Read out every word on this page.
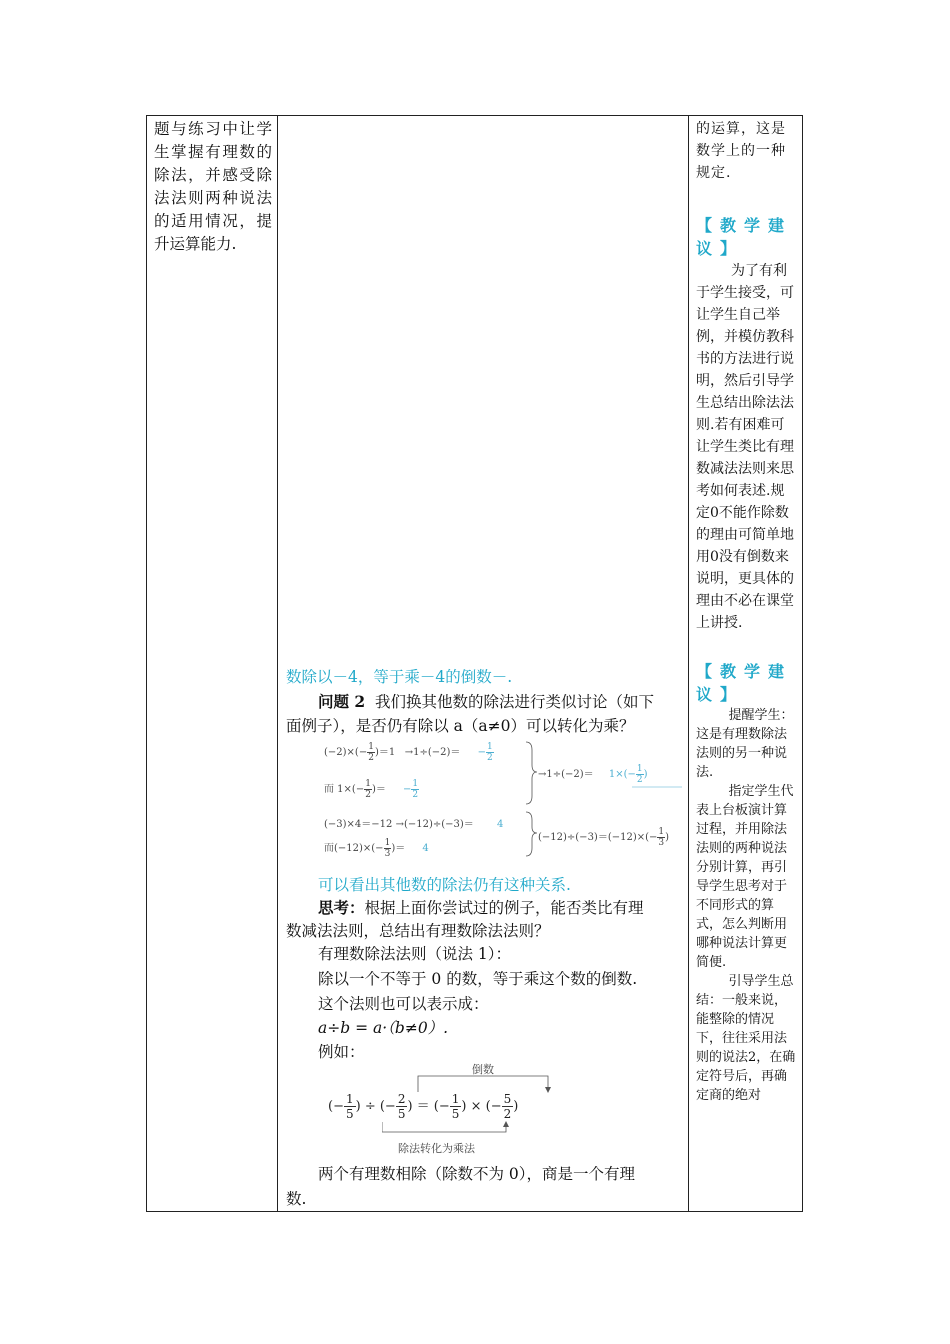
题与练习中让学生掌握有理数的除法，并感受除法法则两种说法的适用情况，提升运算能力.

的运算，这是数学上的一种规定.

【教学建议】

为了有利于学生接受，可让学生自己举例，并模仿教科书的方法进行说明，然后引导学生总结出除法法则.若有困难可让学生类比有理数减法法则来思考如何表述.规定0不能作除数的理由可简单地用0没有倒数来说明，更具体的理由不必在课堂上讲授.

【教学建议】

提醒学生：这是有理数除法法则的另一种说法.

指定学生代表上台板演计算过程，并用除法法则的两种说法分别计算，再引导学生思考对于不同形式的算式，怎么判断用哪种说法计算更简便.

引导学生总结：一般来说，能整除的情况下，往往采用法则的说法2，在确定符号后，再确定商的绝对

数除以－4，等于乘－4的倒数－.
问题 2 我们换其他数的除法进行类似讨论（如下
面例子），是否仍有除以 a（a≠0）可以转化为乘？
$(-2)\times(- \frac{1}{2} )=1 \to 1\div(-2)= - \frac{1}{2}$
而 $1\times(- \frac{1}{2}$ )＝ − $\frac{1}{2}$
(−3)×4＝−12 →(−12)÷(−3)＝ 4
而$(-12)\times(- \frac{1}{3}$ )＝ 4
$\to 1\div(-2)= 1\times(- \frac{1}{2}$ )
$(-12)\div(-3)=(-12)\times(- \frac{1}{3}$ )
可以看出其他数的除法仍有这种关系.
思考：根据上面你尝试过的例子，能否类比有理
数减法法则，总结出有理数除法法则？
有理数除法法则（说法 1）：
除以一个不等于 0 的数，等于乘这个数的倒数.
这个法则也可以表示成：
a÷b = a·（b≠0）.
例如：
倒数
(− $\frac{1}{5}$ ) ÷ (− $\frac{2}{5}$ ) ＝ (− $\frac{1}{5}$ ) × (− $\frac{5}{2}$ )
除法转化为乘法
两个有理数相除（除数不为 0），商是一个有理
数.
